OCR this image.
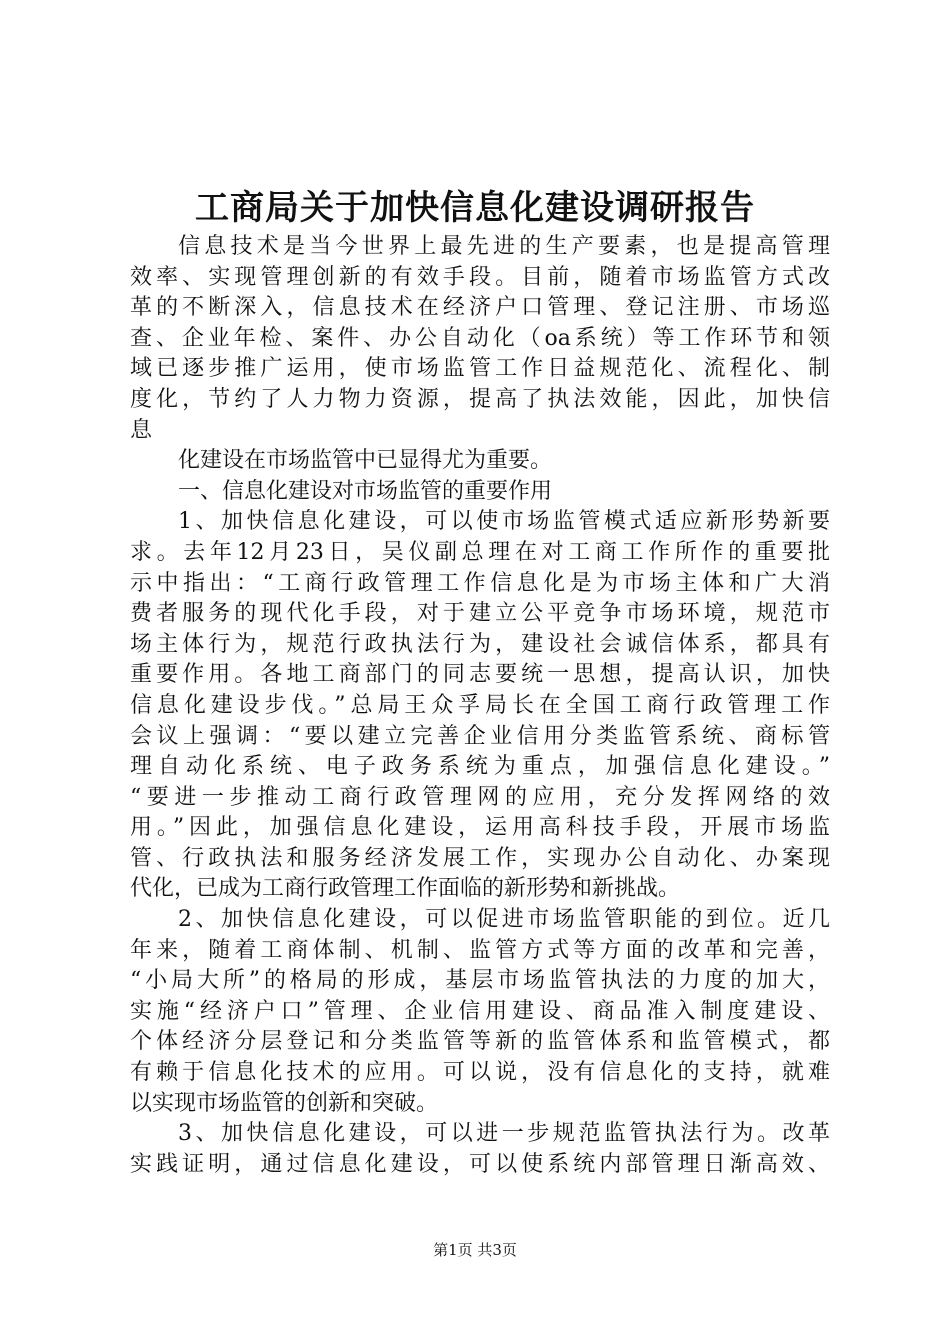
工商局关于加快信息化建设调研报告
信息技术是当今世界上最先进的生产要素，也是提高管理
效率、实现管理创新的有效手段。目前，随着市场监管方式改
革的不断深入，信息技术在经济户口管理、登记注册、市场巡
查、企业年检、案件、办公自动化（oa系统）等工作环节和领
域已逐步推广运用，使市场监管工作日益规范化、流程化、制
度化，节约了人力物力资源，提高了执法效能，因此，加快信
息
化建设在市场监管中已显得尤为重要。
一、信息化建设对市场监管的重要作用
1、加快信息化建设，可以使市场监管模式适应新形势新要
求。去年12月23日，吴仪副总理在对工商工作所作的重要批
示中指出：“工商行政管理工作信息化是为市场主体和广大消
费者服务的现代化手段，对于建立公平竞争市场环境，规范市
场主体行为，规范行政执法行为，建设社会诚信体系，都具有
重要作用。各地工商部门的同志要统一思想，提高认识，加快
信息化建设步伐。”总局王众孚局长在全国工商行政管理工作
会议上强调：“要以建立完善企业信用分类监管系统、商标管
理自动化系统、电子政务系统为重点，加强信息化建设。”
“要进一步推动工商行政管理网的应用，充分发挥网络的效
用。”因此，加强信息化建设，运用高科技手段，开展市场监
管、行政执法和服务经济发展工作，实现办公自动化、办案现
代化，已成为工商行政管理工作面临的新形势和新挑战。
2、加快信息化建设，可以促进市场监管职能的到位。近几
年来，随着工商体制、机制、监管方式等方面的改革和完善，
“小局大所”的格局的形成，基层市场监管执法的力度的加大，
实施“经济户口”管理、企业信用建设、商品准入制度建设、
个体经济分层登记和分类监管等新的监管体系和监管模式，都
有赖于信息化技术的应用。可以说，没有信息化的支持，就难
以实现市场监管的创新和突破。
3、加快信息化建设，可以进一步规范监管执法行为。改革
实践证明，通过信息化建设，可以使系统内部管理日渐高效、
第1页 共3页
